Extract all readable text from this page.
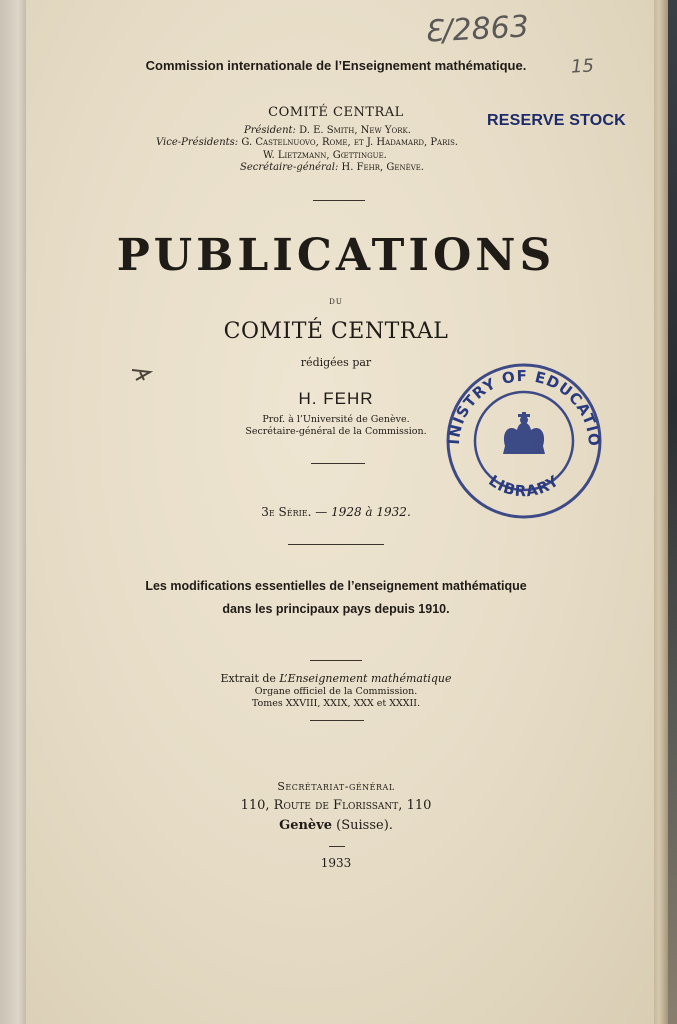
Ɛ/2863
15
Commission internationale de l’Enseignement mathématique.
COMITÉ CENTRAL
Président: D. E. Smith, New York.
Vice-Présidents: G. Castelnuovo, Rome, et J. Hadamard, Paris.
W. Lietzmann, Gœttingue.
Secrétaire-général: H. Fehr, Genève.
PUBLICATIONS
DU
COMITÉ CENTRAL
rédigées par
H. FEHR
Prof. à l’Université de Genève.
Secrétaire-général de la Commission.
3e Série. — 1928 à 1932.
Les modifications essentielles de l’enseignement mathématique
dans les principaux pays depuis 1910.
Extrait de L’Enseignement mathématique
Organe officiel de la Commission.
Tomes XXVIII, XXIX, XXX et XXXII.
Secrétariat-général
110, Route de Florissant, 110
Genève (Suisse).
1933
RESERVE STOCK
INISTRY OF EDUCATIO
LIBRARY
